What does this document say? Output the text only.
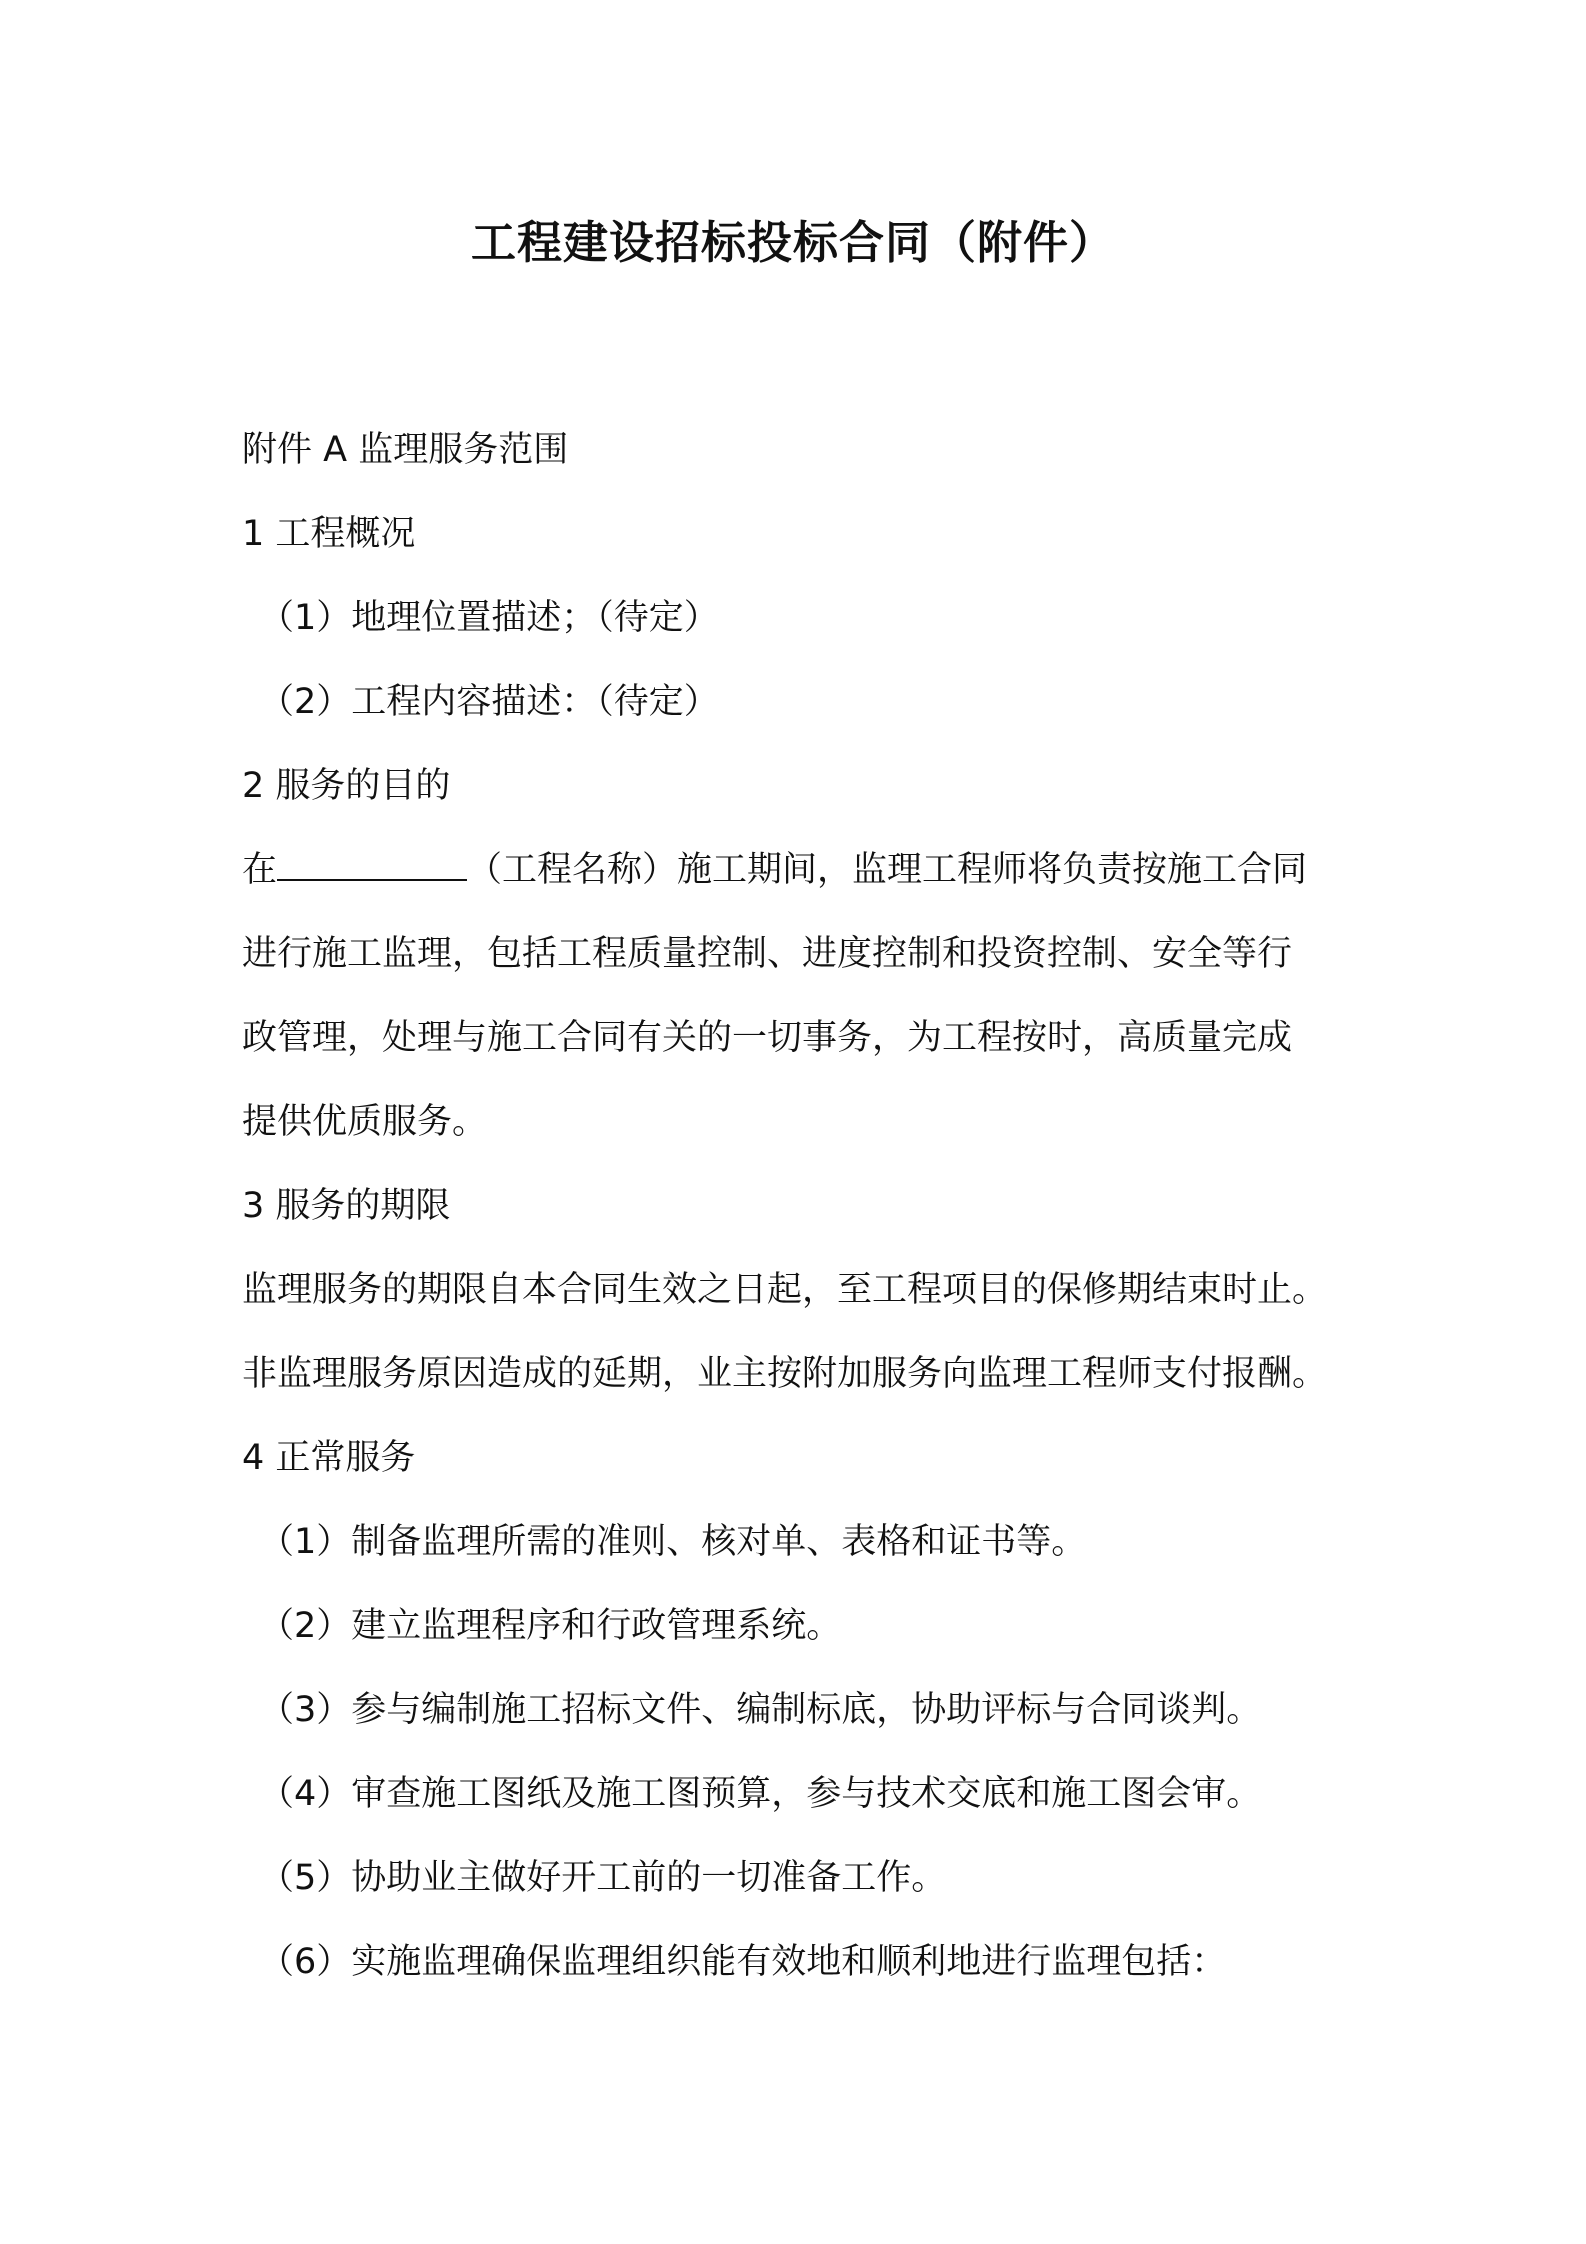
工程建设招标投标合同（附件）
附件 A 监理服务范围
1 工程概况
（1）地理位置描述；（待定）
（2）工程内容描述：（待定）
2 服务的目的
在	（工程名称）施工期间，监理工程师将负责按施工合同
进行施工监理，包括工程质量控制、进度控制和投资控制、安全等行
政管理，处理与施工合同有关的一切事务，为工程按时，高质量完成
提供优质服务。
3 服务的期限
监理服务的期限自本合同生效之日起，至工程项目的保修期结束时止。
非监理服务原因造成的延期，业主按附加服务向监理工程师支付报酬。
4 正常服务
（1）制备监理所需的准则、核对单、表格和证书等。
（2）建立监理程序和行政管理系统。
（3）参与编制施工招标文件、编制标底，协助评标与合同谈判。
（4）审查施工图纸及施工图预算，参与技术交底和施工图会审。
（5）协助业主做好开工前的一切准备工作。
（6）实施监理确保监理组织能有效地和顺利地进行监理包括：
